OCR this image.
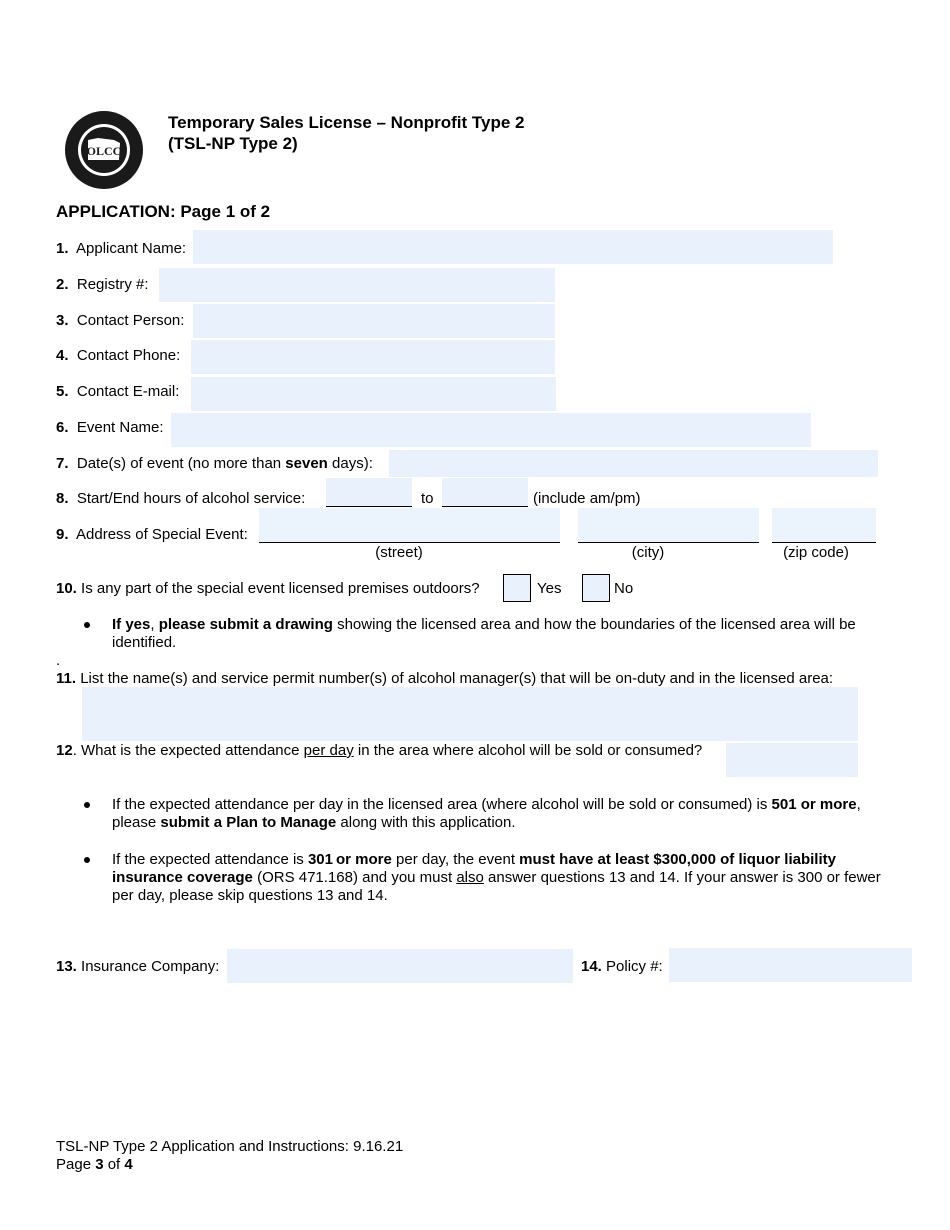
OLCC
Temporary Sales License – Nonprofit Type 2
(TSL-NP Type 2)
APPLICATION: Page 1 of 2
1. Applicant Name:
2. Registry #:
3. Contact Person:
4. Contact Phone:
5. Contact E-mail:
6. Event Name:
7. Date(s) of event (no more than seven days):
8. Start/End hours of alcohol service:	to	(include am/pm)
9. Address of Special Event:
(street)	(city)	(zip code)
10. Is any part of the special event licensed premises outdoors?	Yes	No
If yes, please submit a drawing showing the licensed area and how the boundaries of the licensed area will be identified.
.
11. List the name(s) and service permit number(s) of alcohol manager(s) that will be on-duty and in the licensed area:
12. What is the expected attendance per day in the area where alcohol will be sold or consumed?
If the expected attendance per day in the licensed area (where alcohol will be sold or consumed) is 501 or more, please submit a Plan to Manage along with this application.
If the expected attendance is 301 or more per day, the event must have at least $300,000 of liquor liability insurance coverage (ORS 471.168) and you must also answer questions 13 and 14. If your answer is 300 or fewer per day, please skip questions 13 and 14.
13. Insurance Company:	14. Policy #:
TSL-NP Type 2 Application and Instructions: 9.16.21
Page 3 of 4
